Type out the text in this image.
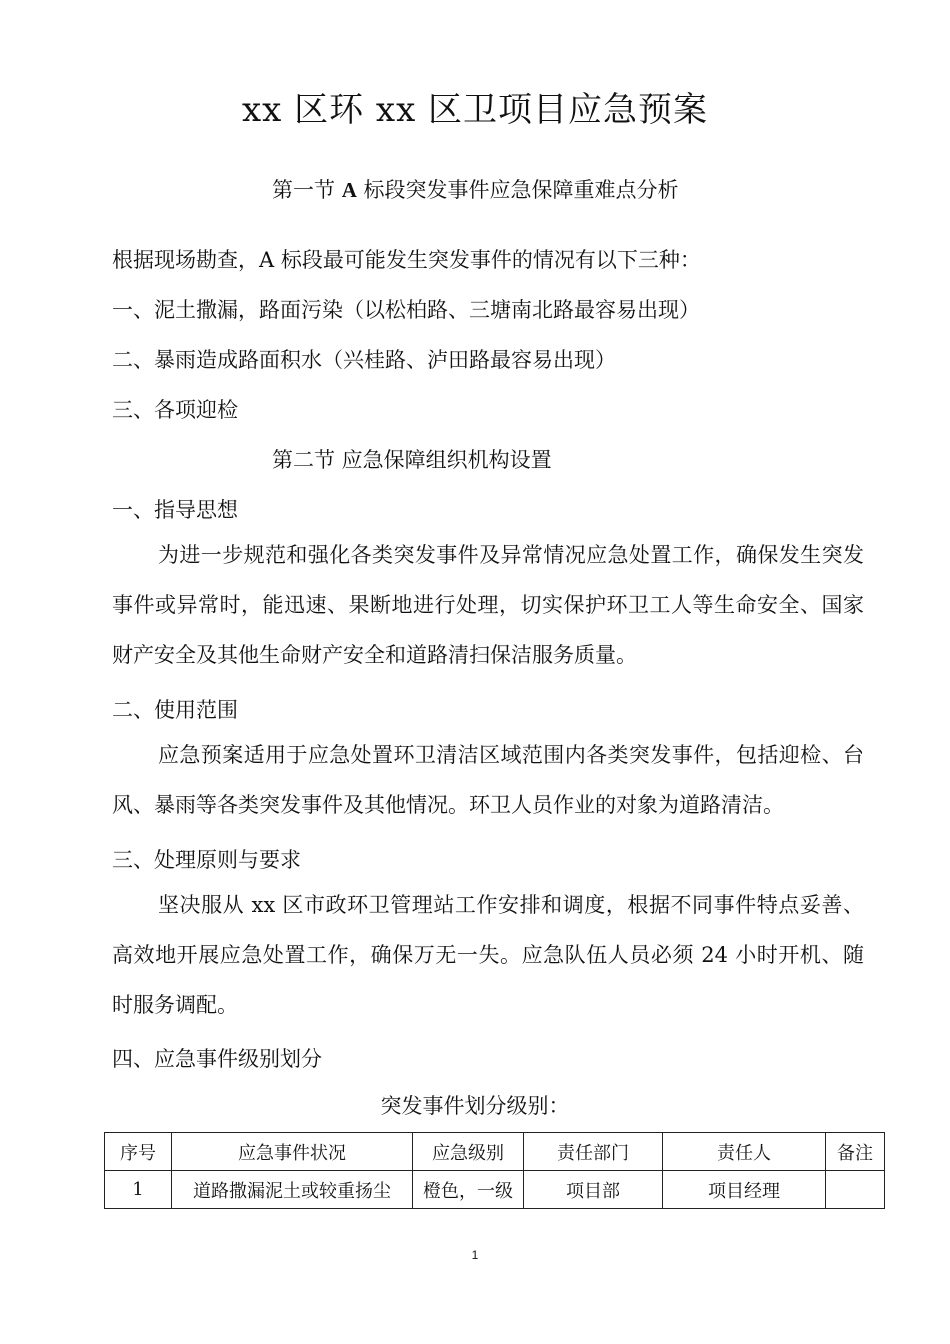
xx 区环 xx 区卫项目应急预案
第一节 A 标段突发事件应急保障重难点分析
根据现场勘查，A 标段最可能发生突发事件的情况有以下三种：
一、泥土撒漏，路面污染（以松柏路、三塘南北路最容易出现）
二、暴雨造成路面积水（兴桂路、泸田路最容易出现）
三、各项迎检
第二节 应急保障组织机构设置
一、指导思想
为进一步规范和强化各类突发事件及异常情况应急处置工作，确保发生突发事件或异常时，能迅速、果断地进行处理，切实保护环卫工人等生命安全、国家财产安全及其他生命财产安全和道路清扫保洁服务质量。
二、使用范围
应急预案适用于应急处置环卫清洁区域范围内各类突发事件，包括迎检、台风、暴雨等各类突发事件及其他情况。环卫人员作业的对象为道路清洁。
三、处理原则与要求
坚决服从 xx 区市政环卫管理站工作安排和调度，根据不同事件特点妥善、高效地开展应急处置工作，确保万无一失。应急队伍人员必须 24 小时开机、随时服务调配。
四、应急事件级别划分
突发事件划分级别：
序号	应急事件状况	应急级别	责任部门	责任人	备注
1	道路撒漏泥土或较重扬尘	橙色，一级	项目部	项目经理	
1
